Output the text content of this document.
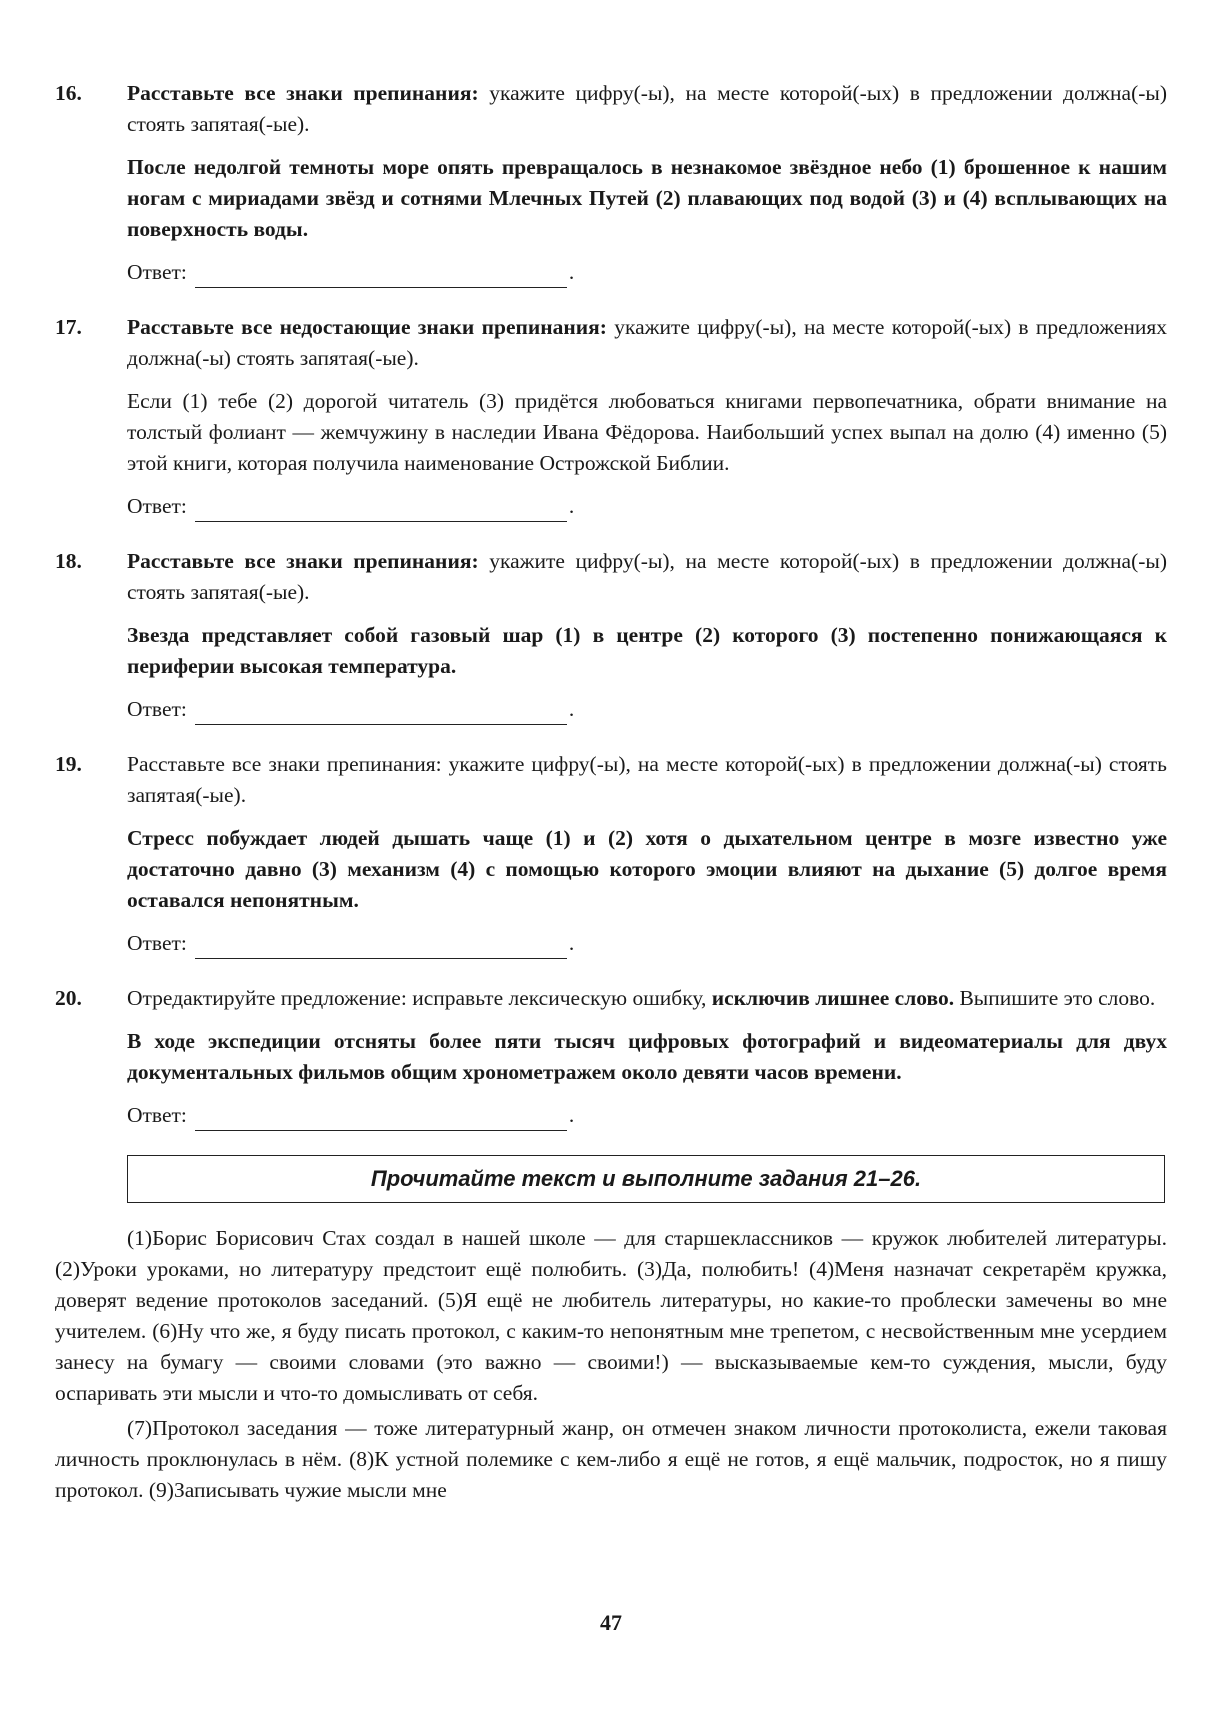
16.	Расставьте все знаки препинания: укажите цифру(-ы), на месте которой(-ых) в предложении должна(-ы) стоять запятая(-ые).

После недолгой темноты море опять превращалось в незнакомое звёздное небо (1) брошенное к нашим ногам с мириадами звёзд и сотнями Млечных Путей (2) плавающих под водой (3) и (4) всплывающих на поверхность воды.

Ответ:	.
17.	Расставьте все недостающие знаки препинания: укажите цифру(-ы), на месте которой(-ых) в предложениях должна(-ы) стоять запятая(-ые).

Если (1) тебе (2) дорогой читатель (3) придётся любоваться книгами первопечатника, обрати внимание на толстый фолиант — жемчужину в наследии Ивана Фёдорова. Наибольший успех выпал на долю (4) именно (5) этой книги, которая получила наименование Острожской Библии.

Ответ:	.
18.	Расставьте все знаки препинания: укажите цифру(-ы), на месте которой(-ых) в предложении должна(-ы) стоять запятая(-ые).

Звезда представляет собой газовый шар (1) в центре (2) которого (3) постепенно понижающаяся к периферии высокая температура.

Ответ:	.
19.	Расставьте все знаки препинания: укажите цифру(-ы), на месте которой(-ых) в предложении должна(-ы) стоять запятая(-ые).

Стресс побуждает людей дышать чаще (1) и (2) хотя о дыхательном центре в мозге известно уже достаточно давно (3) механизм (4) с помощью которого эмоции влияют на дыхание (5) долгое время оставался непонятным.

Ответ:	.
20.	Отредактируйте предложение: исправьте лексическую ошибку, исключив лишнее слово. Выпишите это слово.

В ходе экспедиции отсняты более пяти тысяч цифровых фотографий и видеоматериалы для двух документальных фильмов общим хронометражем около девяти часов времени.

Ответ:	.
Прочитайте текст и выполните задания 21–26.

(1)Борис Борисович Стах создал в нашей школе — для старшеклассников — кружок любителей литературы. (2)Уроки уроками, но литературу предстоит ещё полюбить. (3)Да, полюбить! (4)Меня назначат секретарём кружка, доверят ведение протоколов заседаний. (5)Я ещё не любитель литературы, но какие-то проблески замечены во мне учителем. (6)Ну что же, я буду писать протокол, с каким-то непонятным мне трепетом, с несвойственным мне усердием занесу на бумагу — своими словами (это важно — своими!) — высказываемые кем-то суждения, мысли, буду оспаривать эти мысли и что-то домысливать от себя.

(7)Протокол заседания — тоже литературный жанр, он отмечен знаком личности протоколиста, ежели таковая личность проклюнулась в нём. (8)К устной полемике с кем-либо я ещё не готов, я ещё мальчик, подросток, но я пишу протокол. (9)Записывать чужие мысли мне

47
